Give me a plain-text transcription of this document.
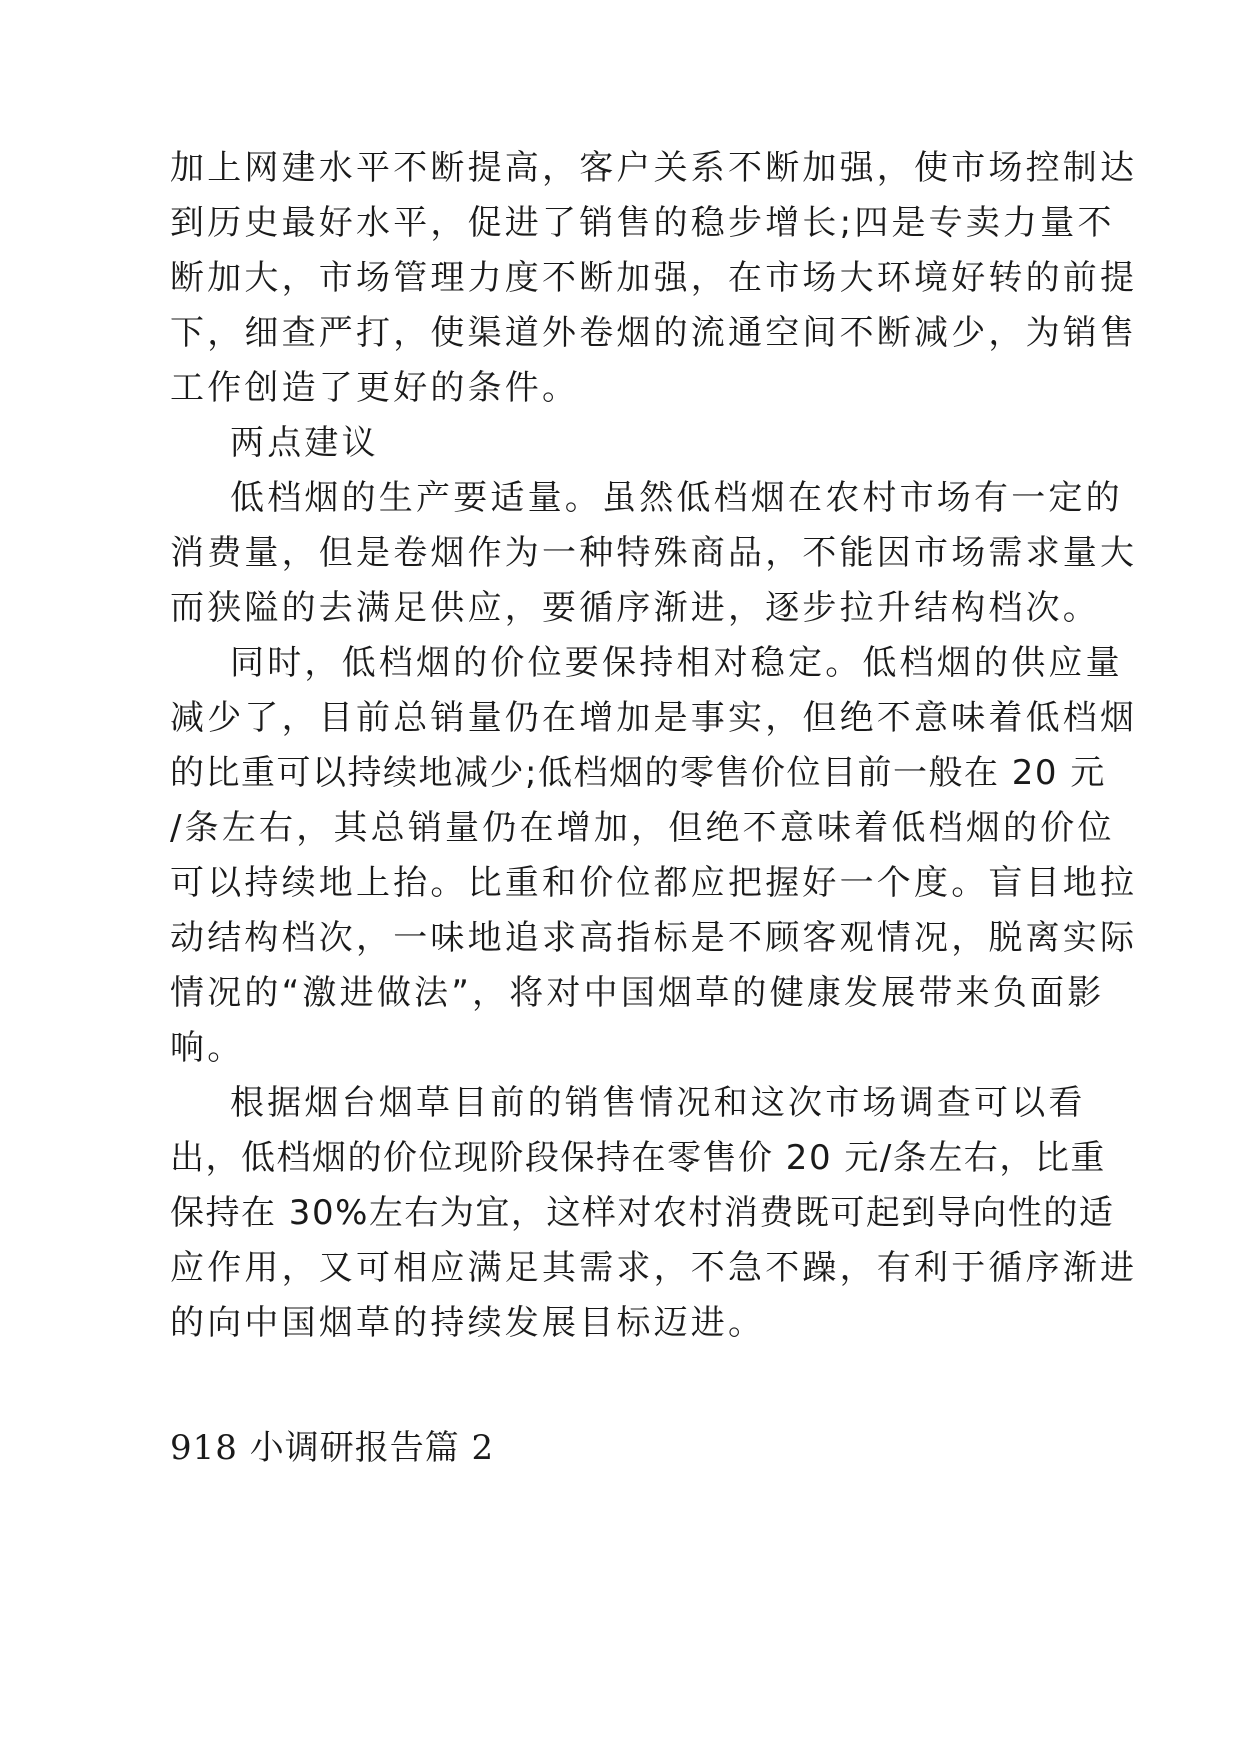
加上网建水平不断提高，客户关系不断加强，使市场控制达
到历史最好水平，促进了销售的稳步增长;四是专卖力量不
断加大，市场管理力度不断加强，在市场大环境好转的前提
下，细查严打，使渠道外卷烟的流通空间不断减少，为销售
工作创造了更好的条件。
两点建议
低档烟的生产要适量。虽然低档烟在农村市场有一定的
消费量，但是卷烟作为一种特殊商品，不能因市场需求量大
而狭隘的去满足供应，要循序渐进，逐步拉升结构档次。
同时，低档烟的价位要保持相对稳定。低档烟的供应量
减少了，目前总销量仍在增加是事实，但绝不意味着低档烟
的比重可以持续地减少;低档烟的零售价位目前一般在 20 元
/条左右，其总销量仍在增加，但绝不意味着低档烟的价位
可以持续地上抬。比重和价位都应把握好一个度。盲目地拉
动结构档次，一味地追求高指标是不顾客观情况，脱离实际
情况的“激进做法”，将对中国烟草的健康发展带来负面影
响。
根据烟台烟草目前的销售情况和这次市场调查可以看
出，低档烟的价位现阶段保持在零售价 20 元/条左右，比重
保持在 30%左右为宜，这样对农村消费既可起到导向性的适
应作用，又可相应满足其需求，不急不躁，有利于循序渐进
的向中国烟草的持续发展目标迈进。
918 小调研报告篇 2
